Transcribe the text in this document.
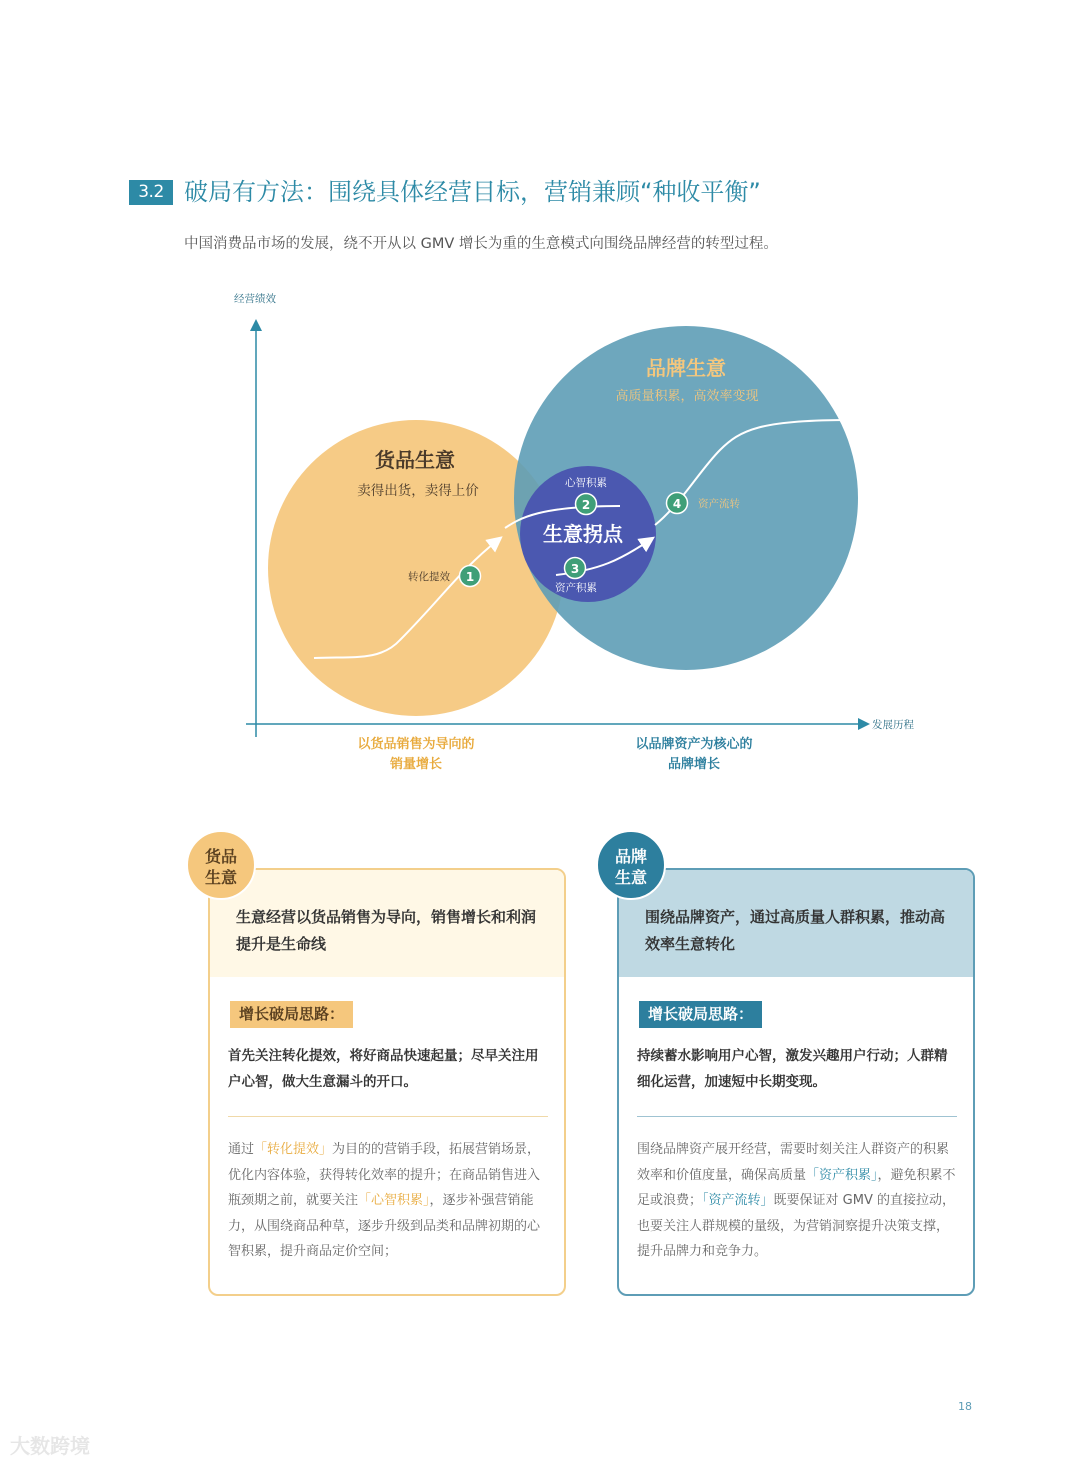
3.2 破局有方法：围绕具体经营目标，营销兼顾“种收平衡”
中国消费品市场的发展，绕不开从以 GMV 增长为重的生意模式向围绕品牌经营的转型过程。
经营绩效
发展历程
货品生意
卖得出货，卖得上价
品牌生意
高质量积累，高效率变现
生意拐点
1
转化提效
2
心智积累
3
资产积累
4 资产流转
以货品销售为导向的
销量增长
以品牌资产为核心的
品牌增长
生意经营以货品销售为导向，销售增长和利润提升是生命线
增长破局思路：
首先关注转化提效，将好商品快速起量；尽早关注用户心智，做大生意漏斗的开口。
通过「转化提效」为目的的营销手段，拓展营销场景，优化内容体验，获得转化效率的提升；在商品销售进入瓶颈期之前，就要关注「心智积累」，逐步补强营销能力，从围绕商品种草，逐步升级到品类和品牌初期的心智积累，提升商品定价空间；
货品
生意
围绕品牌资产，通过高质量人群积累，推动高效率生意转化
增长破局思路：
持续蓄水影响用户心智，激发兴趣用户行动；人群精细化运营，加速短中长期变现。
围绕品牌资产展开经营，需要时刻关注人群资产的积累效率和价值度量，确保高质量「资产积累」，避免积累不足或浪费；「资产流转」既要保证对 GMV 的直接拉动，也要关注人群规模的量级，为营销洞察提升决策支撑，提升品牌力和竞争力。
品牌
生意
18
大数跨境
